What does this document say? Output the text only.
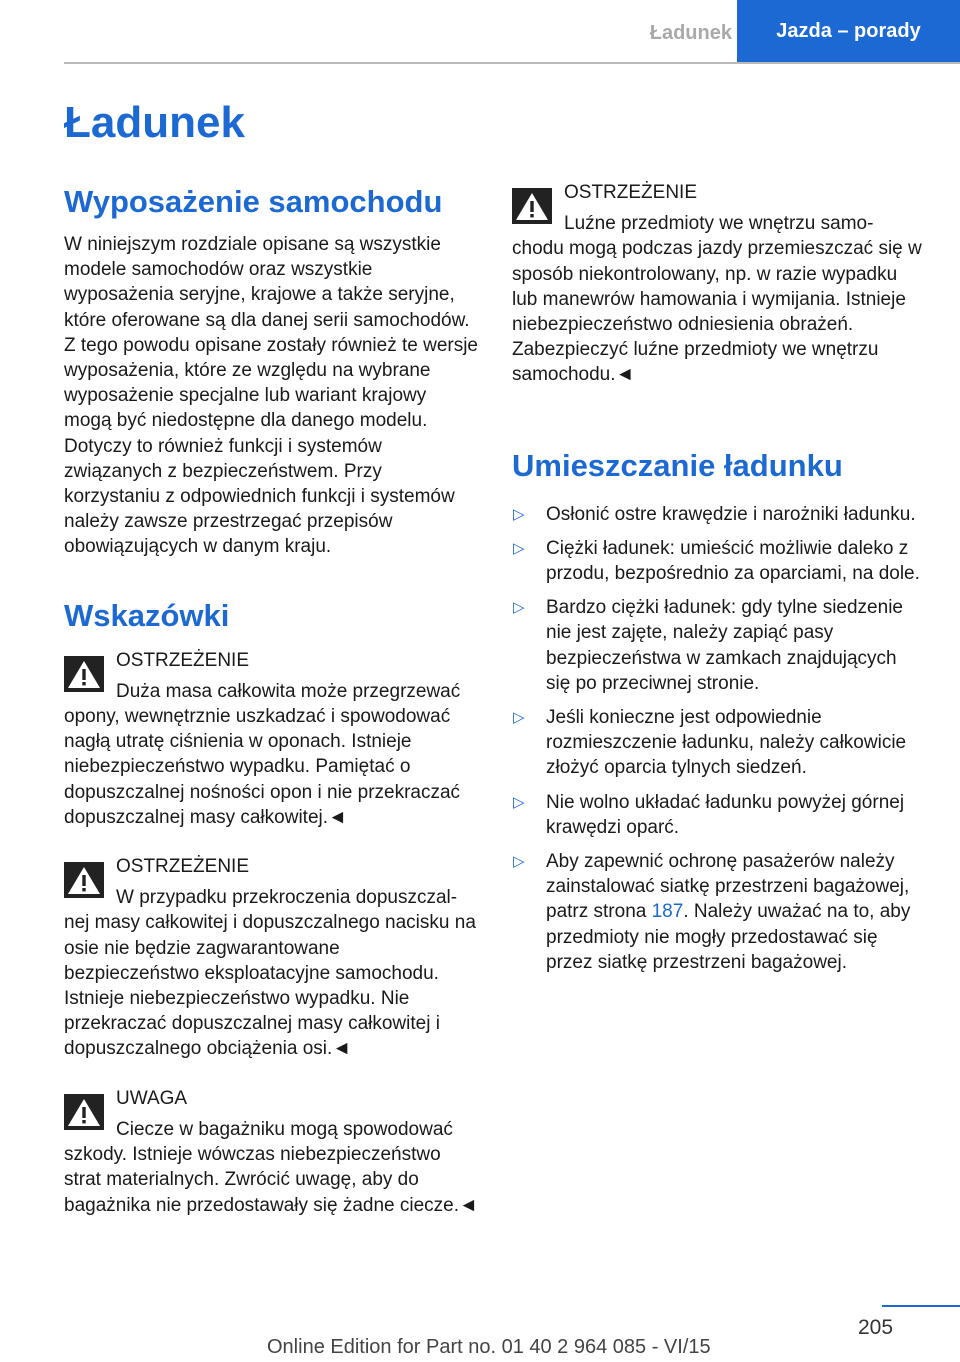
Ładunek	Jazda – porady
Ładunek
Wyposażenie samochodu

W niniejszym rozdziale opisane są wszystkie modele samochodów oraz wszystkie wyposażenia seryjne, krajowe a także seryjne, które oferowane są dla danej serii samochodów. Z tego powodu opisane zostały również te wersje wyposażenia, które ze względu na wybrane wyposażenie specjalne lub wariant krajowy mogą być niedostępne dla danego modelu. Dotyczy to również funkcji i systemów związanych z bezpieczeństwem. Przy korzystaniu z odpowiednich funkcji i systemów należy zawsze przestrzegać przepisów obowiązujących w danym kraju.

Wskazówki
OSTRZEŻENIE
Duża masa całkowita może przegrzewać

opony, wewnętrznie uszkadzać i spowodować nagłą utratę ciśnienia w oponach. Istnieje niebezpieczeństwo wypadku. Pamiętać o dopuszczalnej nośności opon i nie przekraczać dopuszczalnej masy całkowitej.◄

OSTRZEŻENIE
W przypadku przekroczenia dopuszczal-

nej masy całkowitej i dopuszczalnego nacisku na osie nie będzie zagwarantowane bezpieczeństwo eksploatacyjne samochodu. Istnieje niebezpieczeństwo wypadku. Nie przekraczać dopuszczalnej masy całkowitej i dopuszczalnego obciążenia osi.◄

UWAGA
Ciecze w bagażniku mogą spowodować

szkody. Istnieje wówczas niebezpieczeństwo strat materialnych. Zwrócić uwagę, aby do bagażnika nie przedostawały się żadne ciecze.◄

OSTRZEŻENIE
Luźne przedmioty we wnętrzu samo-

chodu mogą podczas jazdy przemieszczać się w sposób niekontrolowany, np. w razie wypadku lub manewrów hamowania i wymijania. Istnieje niebezpieczeństwo odniesienia obrażeń. Zabezpieczyć luźne przedmioty we wnętrzu samochodu.◄

Umieszczanie ładunku
▷ Osłonić ostre krawędzie i narożniki ładunku.
▷ Ciężki ładunek: umieścić możliwie daleko z przodu, bezpośrednio za oparciami, na dole.
▷ Bardzo ciężki ładunek: gdy tylne siedzenie nie jest zajęte, należy zapiąć pasy bezpieczeństwa w zamkach znajdujących się po przeciwnej stronie.
▷ Jeśli konieczne jest odpowiednie rozmieszczenie ładunku, należy całkowicie złożyć oparcia tylnych siedzeń.
▷ Nie wolno układać ładunku powyżej górnej krawędzi oparć.
▷ Aby zapewnić ochronę pasażerów należy zainstalować siatkę przestrzeni bagażowej, patrz strona 187. Należy uważać na to, aby przedmioty nie mogły przedostawać się przez siatkę przestrzeni bagażowej.
205
Online Edition for Part no. 01 40 2 964 085 - VI/15
